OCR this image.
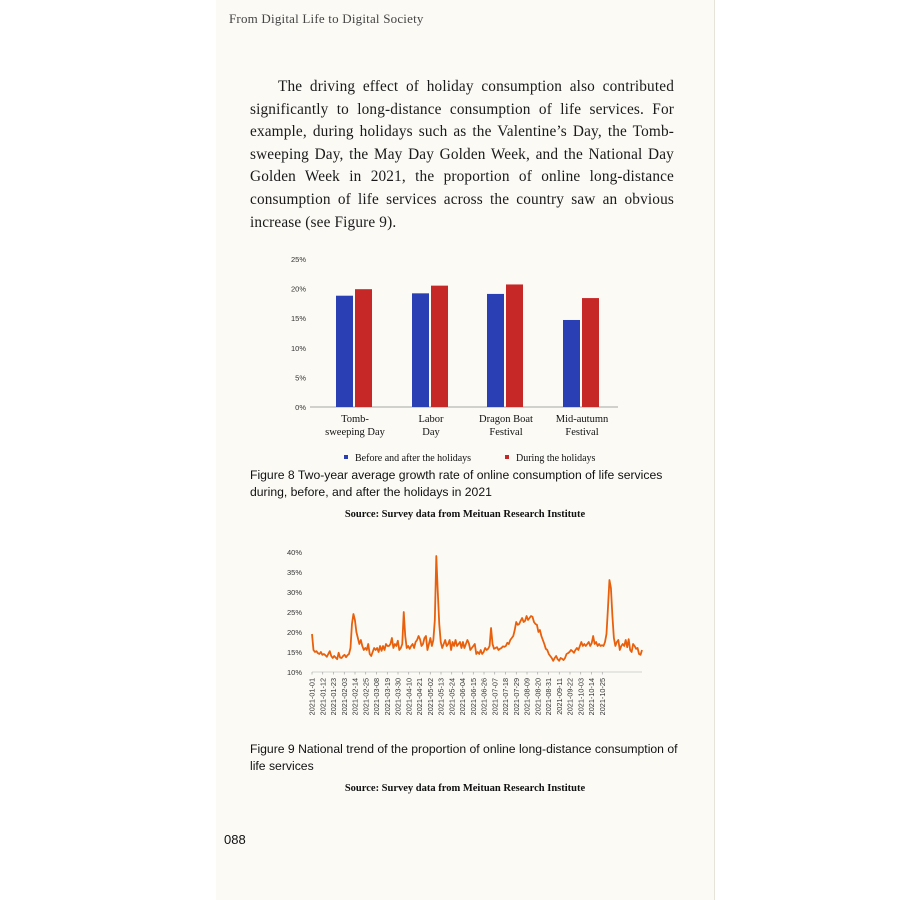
From Digital Life to Digital Society

The driving effect of holiday consumption also contributed significantly to long-distance consumption of life services. For example, during holidays such as the Valentine’s Day, the Tomb-sweeping Day, the May Day Golden Week, and the National Day Golden Week in 2021, the proportion of online long-distance consumption of life services across the country saw an obvious increase (see Figure 9).

0%
5%
10%
15%
20%
25%
Tomb-
sweeping Day
Labor
Day
Dragon Boat
Festival
Mid-autumn
Festival
Before and after the holidays	During the holidays

Figure 8 Two-year average growth rate of online consumption of life services during, before, and after the holidays in 2021

Source: Survey data from Meituan Research Institute
10%
15%
20%
25%
30%
35%
40%
2021-01-01 2021-01-12 2021-01-23 2021-02-03 2021-02-14 2021-02-25 2021-03-08 2021-03-19 2021-03-30 2021-04-10 2021-04-21 2021-05-02 2021-05-13 2021-05-24 2021-06-04 2021-06-15 2021-06-26 2021-07-07 2021-07-18 2021-07-29 2021-08-09 2021-08-20 2021-08-31 2021-09-11 2021-09-22 2021-10-03 2021-10-14 2021-10-25

Figure 9 National trend of the proportion of online long-distance consumption of life services

Source: Survey data from Meituan Research Institute
088
